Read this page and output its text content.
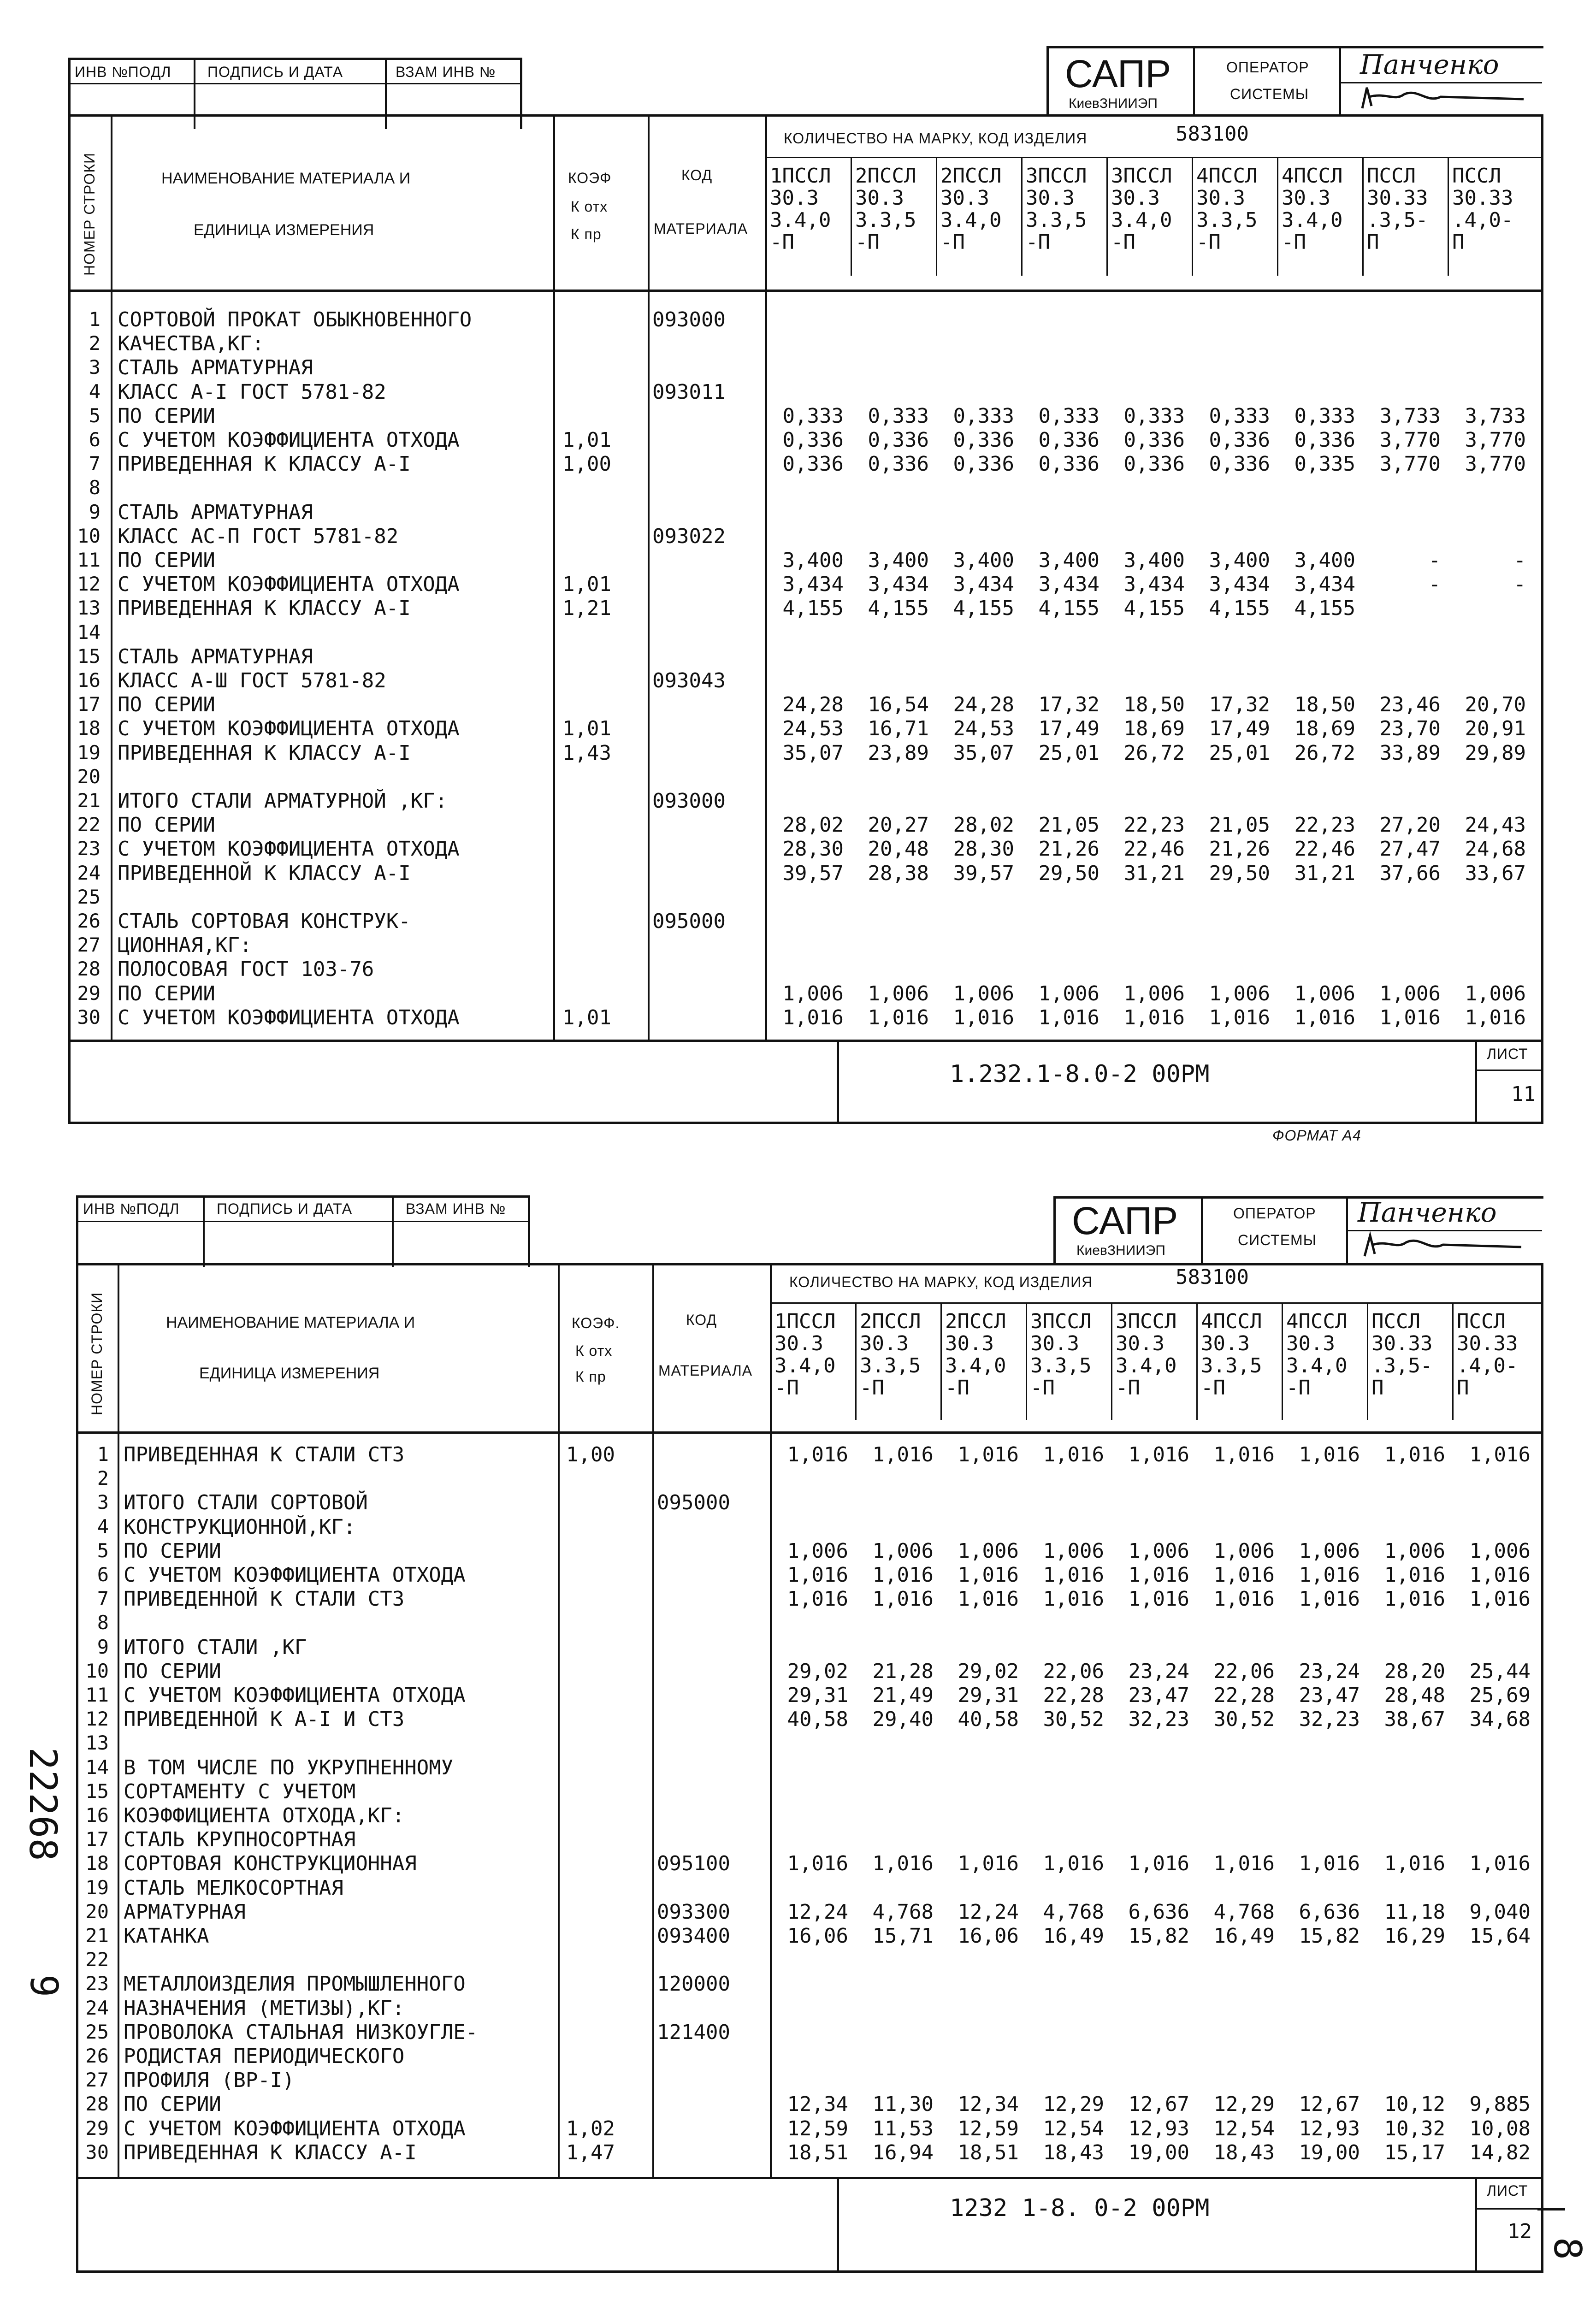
ИНВ №ПОДЛ ПОДПИСЬ И ДАТА	ВЗАМ ИНВ №	САПР
КиевЗНИИЭП
ОПЕРАТОР
СИСТЕМЫ
Панченко
НОМЕР СТРОКИ	НАИМЕНОВАНИЕ МАТЕРИАЛА И
ЕДИНИЦА ИЗМЕРЕНИЯ
КОЭФ
К отх
К пр
КОД
МАТЕРИАЛА
КОЛИЧЕСТВО НА МАРКУ, КОД ИЗДЕЛИЯ	583100
1ПССЛ
30.3
3.4,0
-П
2ПССЛ
30.3
3.3,5
-П
2ПССЛ
30.3
3.4,0
-П
3ПССЛ
30.3
3.3,5
-П
3ПССЛ
30.3
3.4,0
-П
4ПССЛ
30.3
3.3,5
-П
4ПССЛ
30.3
3.4,0
-П
ПССЛ
30.33
.3,5-
П
ПССЛ
30.33
.4,0-
П
1 СОРТОВОЙ ПРОКАТ ОБЫКНОВЕННОГО	093000
2 КАЧЕСТВА,КГ:
3 СТАЛЬ АРМАТУРНАЯ
4 КЛАСС А-I ГОСТ 5781-82	093011
5 ПО СЕРИИ	0,333	0,333	0,333	0,333	0,333	0,333	0,333	3,733	3,733
6 С УЧЕТОМ КОЭФФИЦИЕНТА ОТХОДА	1,01	0,336	0,336	0,336	0,336	0,336	0,336	0,336	3,770	3,770
7 ПРИВЕДЕННАЯ К КЛАССУ А-I	1,00	0,336	0,336	0,336	0,336	0,336	0,336	0,335	3,770	3,770
8
9 СТАЛЬ АРМАТУРНАЯ
10 КЛАСС АС-П ГОСТ 5781-82	093022
11 ПО СЕРИИ	3,400	3,400	3,400	3,400	3,400	3,400	3,400	-	-
12 С УЧЕТОМ КОЭФФИЦИЕНТА ОТХОДА	1,01	3,434	3,434	3,434	3,434	3,434	3,434	3,434	-	-
13 ПРИВЕДЕННАЯ К КЛАССУ А-I	1,21	4,155	4,155	4,155	4,155	4,155	4,155	4,155
14
15 СТАЛЬ АРМАТУРНАЯ
16 КЛАСС А-Ш ГОСТ 5781-82	093043
17 ПО СЕРИИ	24,28	16,54	24,28	17,32	18,50	17,32	18,50	23,46	20,70
18 С УЧЕТОМ КОЭФФИЦИЕНТА ОТХОДА	1,01	24,53	16,71	24,53	17,49	18,69	17,49	18,69	23,70	20,91
19 ПРИВЕДЕННАЯ К КЛАССУ А-I	1,43	35,07	23,89	35,07	25,01	26,72	25,01	26,72	33,89	29,89
20
21 ИТОГО СТАЛИ АРМАТУРНОЙ ,КГ:	093000
22 ПО СЕРИИ	28,02	20,27	28,02	21,05	22,23	21,05	22,23	27,20	24,43
23 С УЧЕТОМ КОЭФФИЦИЕНТА ОТХОДА	28,30	20,48	28,30	21,26	22,46	21,26	22,46	27,47	24,68
24 ПРИВЕДЕННОЙ К КЛАССУ А-I	39,57	28,38	39,57	29,50	31,21	29,50	31,21	37,66	33,67
25
26 СТАЛЬ СОРТОВАЯ КОНСТРУК-	095000
27 ЦИОННАЯ,КГ:
28 ПОЛОСОВАЯ ГОСТ 103-76
29 ПО СЕРИИ	1,006	1,006	1,006	1,006	1,006	1,006	1,006	1,006	1,006
30 С УЧЕТОМ КОЭФФИЦИЕНТА ОТХОДА	1,01	1,016	1,016	1,016	1,016	1,016	1,016	1,016	1,016	1,016
1.232.1-8.0-2 00РМ
ЛИСТ
11
ФОРМАТ А4
ИНВ №ПОДЛ	ПОДПИСЬ И ДАТА	ВЗАМ ИНВ №	САПР
КиевЗНИИЭП
ОПЕРАТОР
СИСТЕМЫ
Панченко
НОМЕР СТРОКИ	НАИМЕНОВАНИЕ МАТЕРИАЛА И
ЕДИНИЦА ИЗМЕРЕНИЯ
КОЭФ.
К отх
К пр
КОД
МАТЕРИАЛА
КОЛИЧЕСТВО НА МАРКУ, КОД ИЗДЕЛИЯ	583100
1ПССЛ
30.3
3.4,0
-П
2ПССЛ
30.3
3.3,5
-П
2ПССЛ
30.3
3.4,0
-П
3ПССЛ
30.3
3.3,5
-П
3ПССЛ
30.3
3.4,0
-П
4ПССЛ
30.3
3.3,5
-П
4ПССЛ
30.3
3.4,0
-П
ПССЛ
30.33
.3,5-
П
ПССЛ
30.33
.4,0-
П
1 ПРИВЕДЕННАЯ К СТАЛИ СТ3	1,00	1,016	1,016	1,016	1,016	1,016	1,016	1,016	1,016	1,016
2
3 ИТОГО СТАЛИ СОРТОВОЙ	095000
4 КОНСТРУКЦИОННОЙ,КГ:
5 ПО СЕРИИ	1,006	1,006	1,006	1,006	1,006	1,006	1,006	1,006	1,006
6 С УЧЕТОМ КОЭФФИЦИЕНТА ОТХОДА	1,016	1,016	1,016	1,016	1,016	1,016	1,016	1,016	1,016
7 ПРИВЕДЕННОЙ К СТАЛИ СТ3	1,016	1,016	1,016	1,016	1,016	1,016	1,016	1,016	1,016
8
9 ИТОГО СТАЛИ ,КГ
10 ПО СЕРИИ	29,02	21,28	29,02	22,06	23,24	22,06	23,24	28,20	25,44
11 С УЧЕТОМ КОЭФФИЦИЕНТА ОТХОДА	29,31	21,49	29,31	22,28	23,47	22,28	23,47	28,48	25,69
12 ПРИВЕДЕННОЙ К А-I И СТ3	40,58	29,40	40,58	30,52	32,23	30,52	32,23	38,67	34,68
13
14 В ТОМ ЧИСЛЕ ПО УКРУПНЕННОМУ
15 СОРТАМЕНТУ С УЧЕТОМ
16 КОЭФФИЦИЕНТА ОТХОДА,КГ:
17 СТАЛЬ КРУПНОСОРТНАЯ
18 СОРТОВАЯ КОНСТРУКЦИОННАЯ	095100	1,016	1,016	1,016	1,016	1,016	1,016	1,016	1,016	1,016
19 СТАЛЬ МЕЛКОСОРТНАЯ
20 АРМАТУРНАЯ	093300	12,24	4,768	12,24	4,768	6,636	4,768	6,636	11,18	9,040
21 КАТАНКА	093400	16,06	15,71	16,06	16,49	15,82	16,49	15,82	16,29	15,64
22
23 МЕТАЛЛОИЗДЕЛИЯ ПРОМЫШЛЕННОГО	120000
24 НАЗНАЧЕНИЯ (МЕТИЗЫ),КГ:
25 ПРОВОЛОКА СТАЛЬНАЯ НИЗКОУГЛЕ-	121400
26 РОДИСТАЯ ПЕРИОДИЧЕСКОГО
27 ПРОФИЛЯ (ВР-I)
28 ПО СЕРИИ	12,34	11,30	12,34	12,29	12,67	12,29	12,67	10,12	9,885
29 С УЧЕТОМ КОЭФФИЦИЕНТА ОТХОДА	1,02	12,59	11,53	12,59	12,54	12,93	12,54	12,93	10,32	10,08
30 ПРИВЕДЕННАЯ К КЛАССУ А-I	1,47	18,51	16,94	18,51	18,43	19,00	18,43	19,00	15,17	14,82
1232 1-8. 0-2 00РМ
ЛИСТ
12
22268
9
8
